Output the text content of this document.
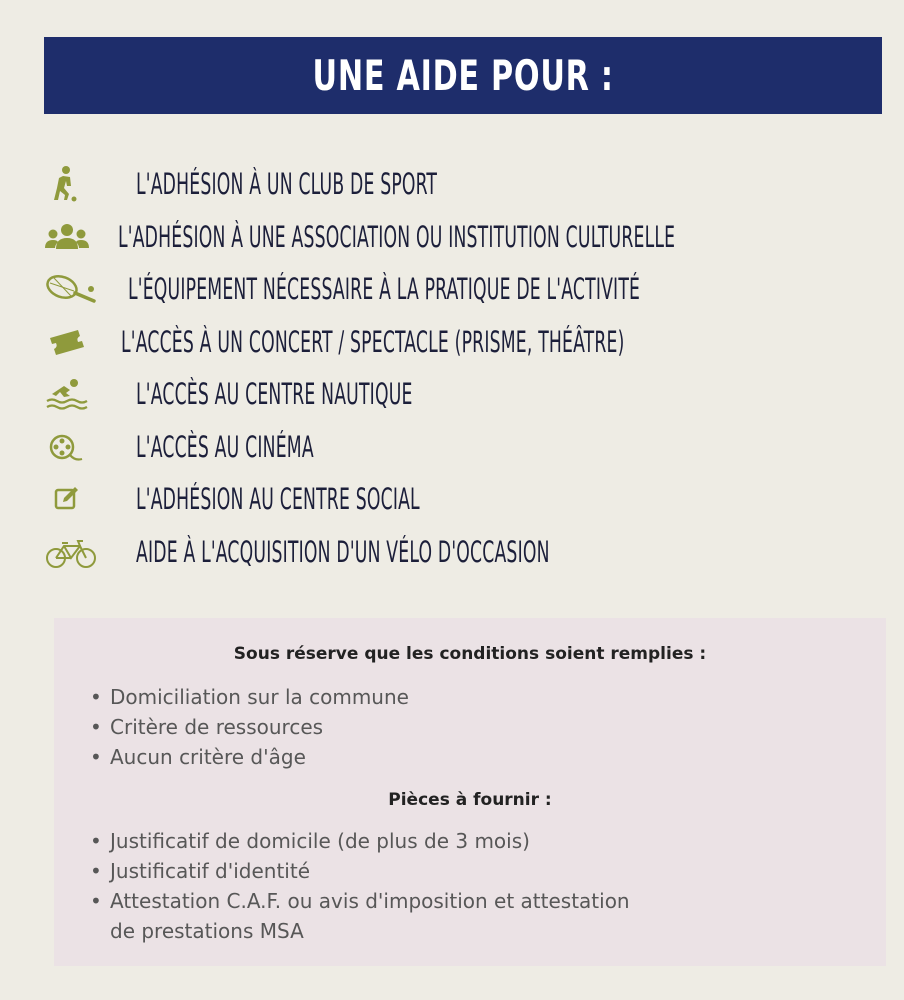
UNE AIDE POUR :
L'ADHÉSION À UN CLUB DE SPORT
L'ADHÉSION À UNE ASSOCIATION OU INSTITUTION CULTURELLE
L'ÉQUIPEMENT NÉCESSAIRE À LA PRATIQUE DE L'ACTIVITÉ
L'ACCÈS À UN CONCERT / SPECTACLE (PRISME, THÉÂTRE)
L'ACCÈS AU CENTRE NAUTIQUE
L'ACCÈS AU CINÉMA
L'ADHÉSION AU CENTRE SOCIAL
AIDE À L'ACQUISITION D'UN VÉLO D'OCCASION
Sous réserve que les conditions soient remplies :
• Domiciliation sur la commune
• Critère de ressources
• Aucun critère d'âge
Pièces à fournir :
• Justificatif de domicile (de plus de 3 mois)
• Justificatif d'identité
• Attestation C.A.F. ou avis d'imposition et attestation
de prestations MSA
